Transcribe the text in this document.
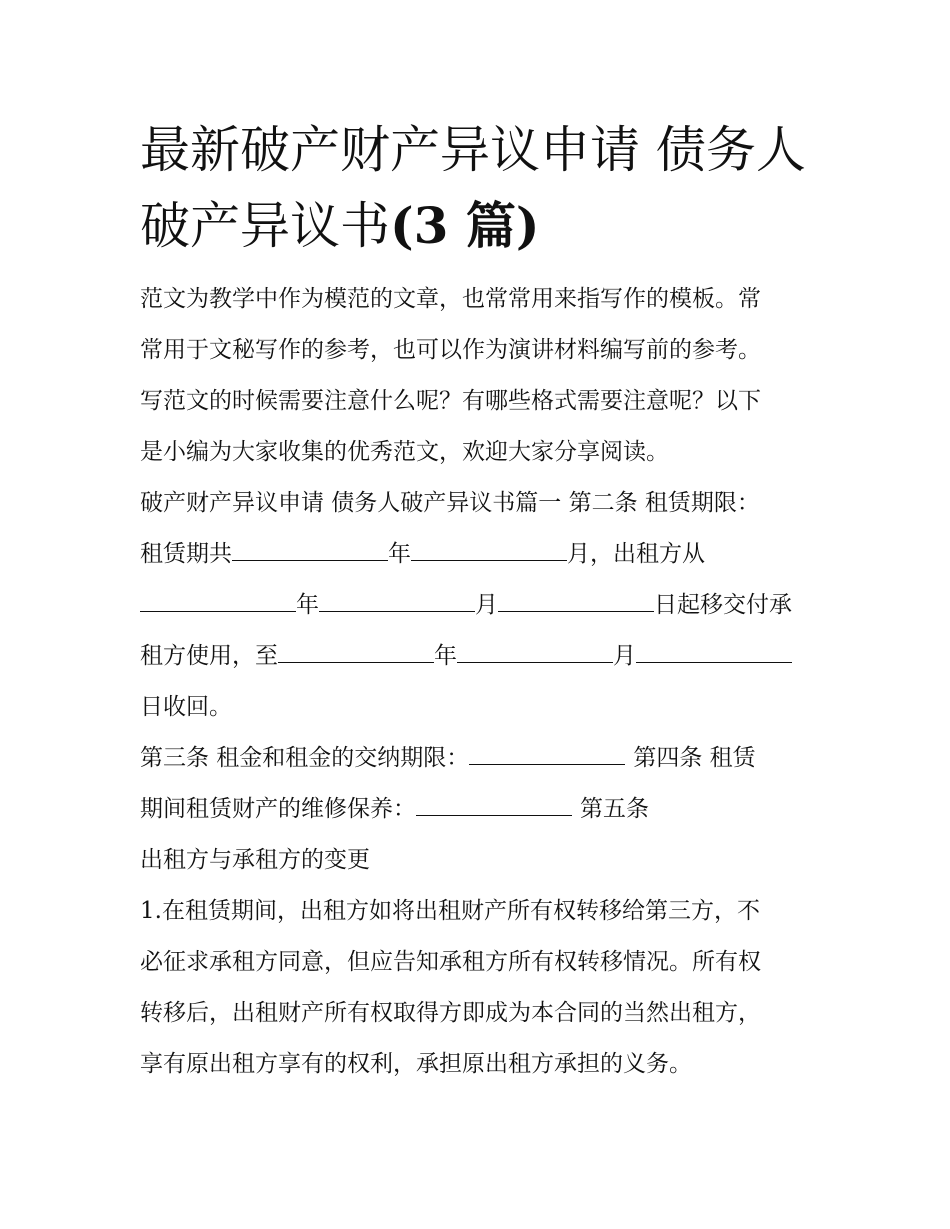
最新破产财产异议申请 债务人
破产异议书(3 篇)
范文为教学中作为模范的文章，也常常用来指写作的模板。常
常用于文秘写作的参考，也可以作为演讲材料编写前的参考。
写范文的时候需要注意什么呢？有哪些格式需要注意呢？以下
是小编为大家收集的优秀范文，欢迎大家分享阅读。
破产财产异议申请 债务人破产异议书篇一 第二条 租赁期限：
租赁期共	年	月，出租方从
年	月	日起移交付承
租方使用，至	年	月
日收回。
第三条 租金和租金的交纳期限：	第四条 租赁
期间租赁财产的维修保养：	第五条
出租方与承租方的变更
1.在租赁期间，出租方如将出租财产所有权转移给第三方，不
必征求承租方同意，但应告知承租方所有权转移情况。所有权
转移后，出租财产所有权取得方即成为本合同的当然出租方，
享有原出租方享有的权利，承担原出租方承担的义务。
